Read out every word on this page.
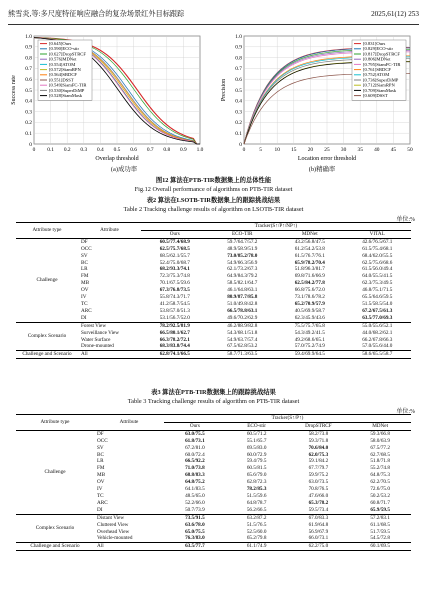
熊雪炎,等:多尺度特征响应融合的复杂场景红外目标跟踪	2025,61(12) 253
0 0.1 0.2 0.3 0.4 0.5 0.6 0.7 0.8 0.9 1.0
0
0.1
0.2
0.3
0.4
0.5
0.6
0.7
0.8
0.9
1.0
Overlap threshold
Success rate
[0.645]Ours
[0.590]ECO-stir
[0.627]DropSTRCF
[0.576]MDNet
[0.554]ATOM
[0.572]SiamRPN
[0.564]SRDCF
[0.551]DSST
[0.549]SiamFC-TIR
[0.530]SuperDiMP
[0.528]SiamMask
0	5 10 15 20 25 30 35 40 45 50
0
0.1
0.2
0.3
0.4
0.5
0.6
0.7
0.8
0.9
1.0
Location error threshold
Precision
[0.831]Ours
[0.829]ECO-stir
[0.817]DropSTRCF
[0.806]MDNet
[0.795]SiamFC-TIR
[0.761]SRDCF
[0.752]ATOM
[0.736]SuperDiMP
[0.712]SiamRPN
[0.709]SiamMask
[0.609]DSST
(a)成功率	(b)精确率
图12 算法在PTB-TIR数据集上的总体性能
Fig.12 Overall performance of algorithms on PTB-TIR dataset
表2 算法在LSOTB-TIR数据集上的跟踪挑战结果
Table 2 Tracking challenge results of algorithm on LSOTB-TIR dataset
单位:%
Attribute type	Attribute	Tracker(S↑/P↑/NP↑)			
		Ours	ECO-TIR	MDNet	VITAL
Challenge	DF	60.5/77.4/68.9	59.7/64.7/57.2	43.2/56.8/47.5	42.6/76.5/67.1
	OCC	62.5/75.7/68.5	48.9/58.9/51.9	61.2/54.2/53.8	61.5/75.4/68.1
	SV	68.5/62.1/55.7	73.0/85.2/78.0	61.5/76.7/76.1	68.4/62.0/55.5
	BC	52.4/75.0/68.7	54.9/66.3/56.9	65.9/78.2/70.4	62.5/75.6/68.6
	LR	68.2/93.3/74.1	62.1/73.2/67.3	51.8/96.3/81.7	61.5/56.0/49.4
	FM	72.3/75.3/74.8	64.9/84.3/79.2	69.8/71.6/66.9	64.0/55.5/41.5
	MB	70.1/67.5/59.6	58.5/82.1/64.7	62.5/84.2/77.8	62.3/75.3/49.5
	OV	67.3/76.8/73.5	46.1/64.8/63.1	66.8/75.6/72.0	46.8/75.1/71.5
	IV	55.8/74.3/71.7	80.9/87.7/85.8	73.1/78.6/78.2	65.5/64.6/59.5
	TC	41.2/58.7/54.5	51.0/49.8/42.8	65.2/70.9/57.9	51.5/58.5/54.0
	ARC	53.8/57.0/51.3	66.5/78.8/63.1	40.5/69.9/58.7	67.2/67.5/61.3
	DI	53.1/56.7/52.0	49.6/70.2/62.9	62.3/45.9/43.6	63.5/77.0/69.3
Complex Scenario	Forest View	78.2/92.5/81.9	46.2/88.9/82.8	75.5/75.7/65.8	55.0/55.6/52.1
	Surveillance View	66.5/80.1/62.7	54.3/68.1/51.8	54.3/49.2/41.5	44.0/68.2/62.1
	Water Surface	66.3/78.2/72.1	54.9/63.7/57.4	49.2/68.6/65.1	66.2/67.8/66.3
	Drone-mounted	68.3/83.8/74.4	67.5/62.8/53.2	57.0/75.2/74.9	57.0/55.6/44.0
Challenge and Scenario	All	62.8/74.1/66.5	58.7/71.3/63.5	59.4/69.9/64.5	58.6/65.5/58.7
表3 算法在PTB-TIR数据集上的跟踪挑战结果
Table 3 Tracking challenge results of algorithm on PTB-TIR dataset
单位:%
Attribute type	Attribute	Tracker(S↑/P↑)			
		Ours	ECO-stir	DropSTRCF	MDNet
Challenge	DF	63.0/75.5	60.5/71.2	58.2/73.8	59.3/66.8
	OCC	61.8/73.1	55.1/65.7	59.3/71.8	58.0/63.9
	SV	67.2/81.0	69.5/83.0	70.6/84.0	67.5/77.2
	BC	60.0/72.4	60.0/72.9	62.0/75.3	62.7/68.5
	LR	66.5/92.2	59.4/79.5	59.1/84.2	51.8/71.8
	FM	71.0/73.8	60.5/81.5	67.7/79.7	55.2/74.8
	MB	68.8/83.3	65.6/79.0	59.9/75.2	64.8/75.3
	OV	64.8/75.2	62.8/72.3	63.0/73.5	62.2/70.5
	IV	64.1/83.5	78.2/85.3	70.8/76.5	72.6/75.0
	TC	48.5/65.0	51.5/59.6	47.6/66.0	50.2/53.2
	ARC	52.2/66.0	64.8/78.7	65.3/78.2	60.8/71.7
	DI	50.7/73.9	56.2/66.5	59.5/73.4	65.9/59.5
Complex Scenario	Distant View	73.5/91.5	63.2/87.2	67.0/83.3	57.2/83.1
	Cluttered View	63.6/78.0	51.5/76.5	61.9/64.8	61.1/68.5
	Overhead View	65.0/75.5	52.5/60.0	56.9/67.9	51.7/59.5
	Vehicle-mounted	76.3/83.0	65.2/79.8	66.0/73.1	54.5/72.8
Challenge and Scenario	All	63.5/77.7	61.1/74.9	62.2/75.0	60.1/69.5
